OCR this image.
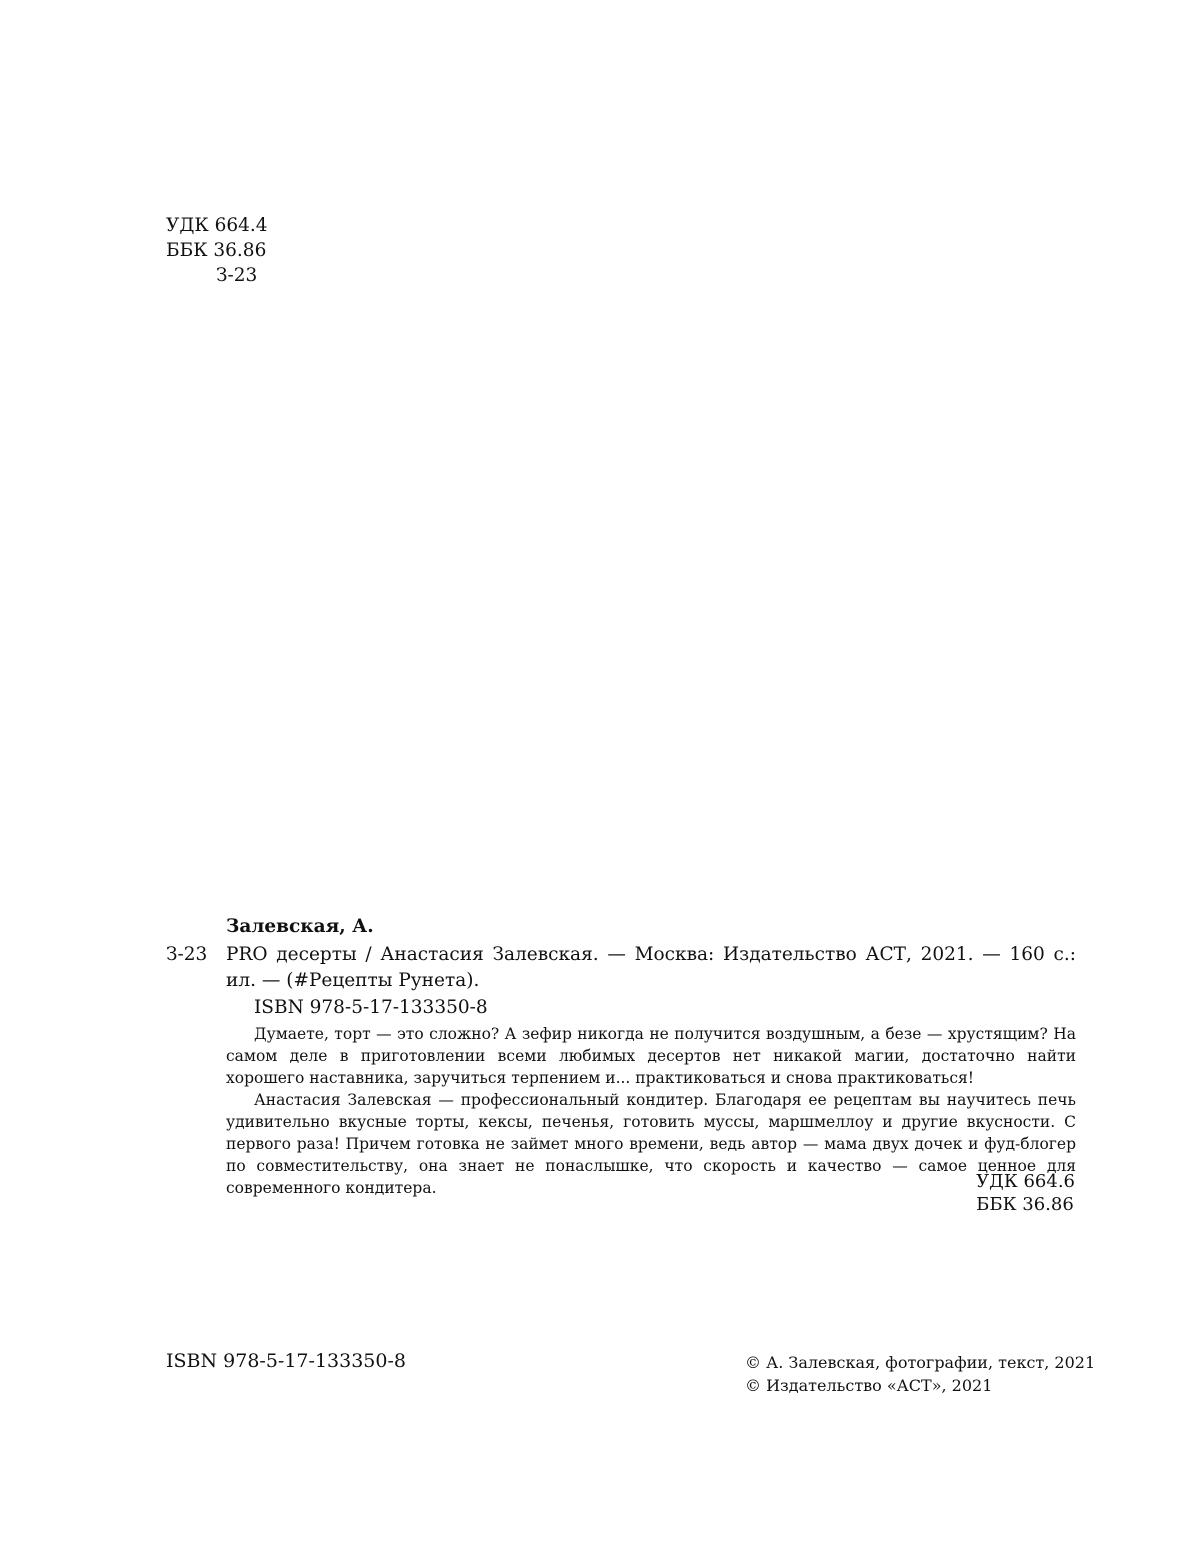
УДК 664.4
ББК 36.86
З-23
Залевская, А.
З-23 PRO десерты / Анастасия Залевская. — Москва: Издательство АСТ, 2021. — 160 с.: ил. — (#Рецепты Рунета).
ISBN 978-5-17-133350-8

Думаете, торт — это сложно? А зефир никогда не получится воздушным, а безе — хрустящим? На самом деле в приготовлении всеми любимых десертов нет никакой магии, достаточно найти хорошего наставника, заручиться терпением и... практиковаться и снова практиковаться!

Анастасия Залевская — профессиональный кондитер. Благодаря ее рецептам вы научитесь печь удивительно вкусные торты, кексы, печенья, готовить муссы, маршмеллоу и другие вкусности. С первого раза! Причем готовка не займет много времени, ведь автор — мама двух дочек и фуд-блогер по совместительству, она знает не понаслышке, что скорость и качество — самое ценное для современного кондитера.	УДК 664.6
ББК 36.86
ISBN 978-5-17-133350-8	© А. Залевская, фотографии, текст, 2021
© Издательство «АСТ», 2021
